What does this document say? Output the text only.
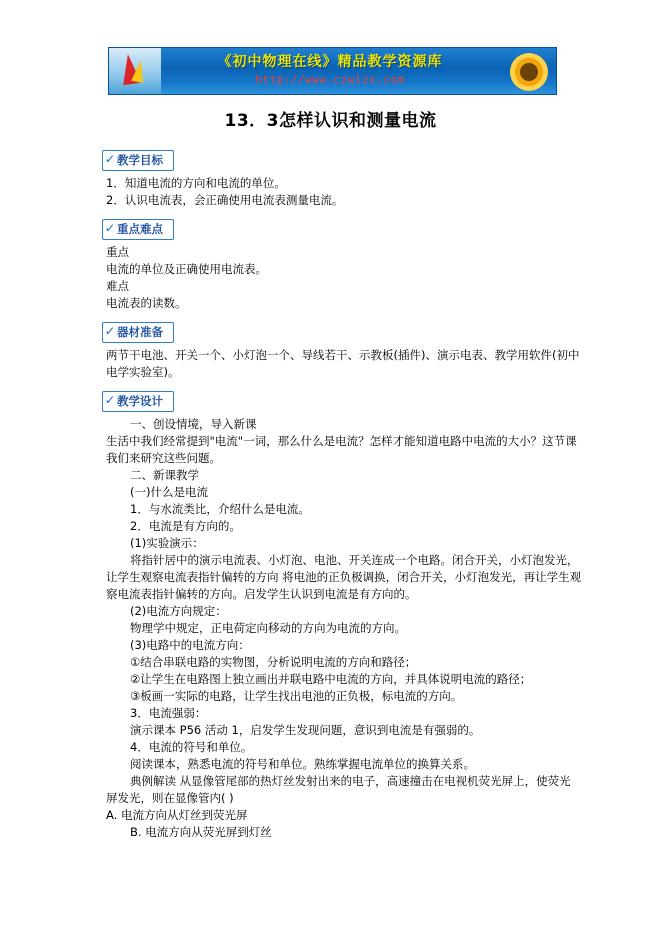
《初中物理在线》精品教学资源库
http://www.czwlzx.com
13．3怎样认识和测量电流
✓ 教学目标

1．知道电流的方向和电流的单位。

2．认识电流表，会正确使用电流表测量电流。

✓ 重点难点

重点

电流的单位及正确使用电流表。

难点

电流表的读数。

✓ 器材准备

两节干电池、开关一个、小灯泡一个、导线若干、示教板(插件)、演示电表、教学用软件(初中电学实验室)。

✓ 教学设计

一、创设情境，导入新课

生活中我们经常提到"电流"一词，那么什么是电流？怎样才能知道电路中电流的大小？这节课我们来研究这些问题。

二、新课教学

(一)什么是电流

1．与水流类比，介绍什么是电流。

2．电流是有方向的。

(1)实验演示：

将指针居中的演示电流表、小灯泡、电池、开关连成一个电路。闭合开关，小灯泡发光，让学生观察电流表指针偏转的方向 将电池的正负极调换，闭合开关，小灯泡发光，再让学生观察电流表指针偏转的方向。启发学生认识到电流是有方向的。

(2)电流方向规定：

物理学中规定，正电荷定向移动的方向为电流的方向。

(3)电路中的电流方向：

①结合串联电路的实物图，分析说明电流的方向和路径；

②让学生在电路图上独立画出并联电路中电流的方向，并具体说明电流的路径；

③板画一实际的电路，让学生找出电池的正负极，标电流的方向。

3．电流强弱：

演示课本 P56 活动 1，启发学生发现问题，意识到电流是有强弱的。

4．电流的符号和单位。

阅读课本，熟悉电流的符号和单位。熟练掌握电流单位的换算关系。

典例解读 从显像管尾部的热灯丝发射出来的电子，高速撞击在电视机荧光屏上，使荧光屏发光，则在显像管内( )

A. 电流方向从灯丝到荧光屏

B. 电流方向从荧光屏到灯丝
